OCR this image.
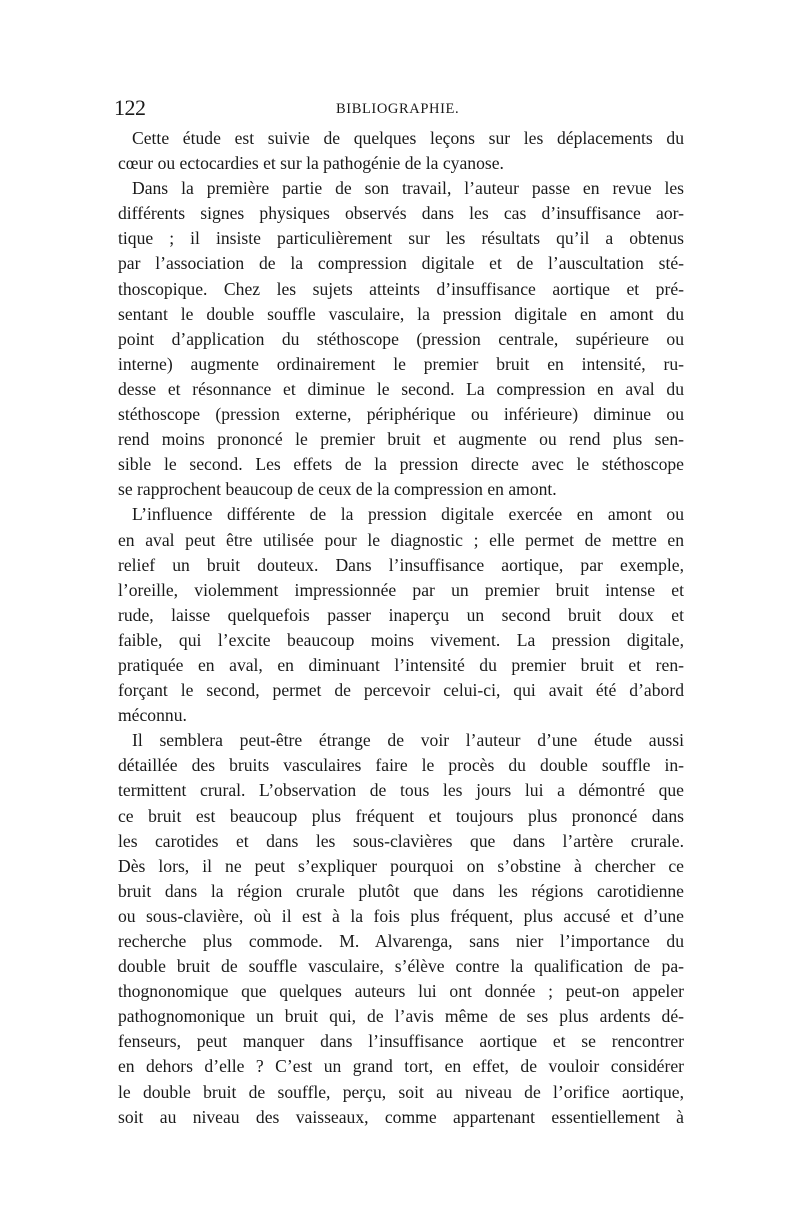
122	BIBLIOGRAPHIE.
Cette étude est suivie de quelques leçons sur les déplacements du
cœur ou ectocardies et sur la pathogénie de la cyanose.
Dans la première partie de son travail, l’auteur passe en revue les
différents signes physiques observés dans les cas d’insuffisance aor-
tique ; il insiste particulièrement sur les résultats qu’il a obtenus
par l’association de la compression digitale et de l’auscultation sté-
thoscopique. Chez les sujets atteints d’insuffisance aortique et pré-
sentant le double souffle vasculaire, la pression digitale en amont du
point d’application du stéthoscope (pression centrale, supérieure ou
interne) augmente ordinairement le premier bruit en intensité, ru-
desse et résonnance et diminue le second. La compression en aval du
stéthoscope (pression externe, périphérique ou inférieure) diminue ou
rend moins prononcé le premier bruit et augmente ou rend plus sen-
sible le second. Les effets de la pression directe avec le stéthoscope
se rapprochent beaucoup de ceux de la compression en amont.
L’influence différente de la pression digitale exercée en amont ou
en aval peut être utilisée pour le diagnostic ; elle permet de mettre en
relief un bruit douteux. Dans l’insuffisance aortique, par exemple,
l’oreille, violemment impressionnée par un premier bruit intense et
rude, laisse quelquefois passer inaperçu un second bruit doux et
faible, qui l’excite beaucoup moins vivement. La pression digitale,
pratiquée en aval, en diminuant l’intensité du premier bruit et ren-
forçant le second, permet de percevoir celui-ci, qui avait été d’abord
méconnu.
Il semblera peut-être étrange de voir l’auteur d’une étude aussi
détaillée des bruits vasculaires faire le procès du double souffle in-
termittent crural. L’observation de tous les jours lui a démontré que
ce bruit est beaucoup plus fréquent et toujours plus prononcé dans
les carotides et dans les sous-clavières que dans l’artère crurale.
Dès lors, il ne peut s’expliquer pourquoi on s’obstine à chercher ce
bruit dans la région crurale plutôt que dans les régions carotidienne
ou sous-clavière, où il est à la fois plus fréquent, plus accusé et d’une
recherche plus commode. M. Alvarenga, sans nier l’importance du
double bruit de souffle vasculaire, s’élève contre la qualification de pa-
thognonomique que quelques auteurs lui ont donnée ; peut-on appeler
pathognomonique un bruit qui, de l’avis même de ses plus ardents dé-
fenseurs, peut manquer dans l’insuffisance aortique et se rencontrer
en dehors d’elle ? C’est un grand tort, en effet, de vouloir considérer
le double bruit de souffle, perçu, soit au niveau de l’orifice aortique,
soit au niveau des vaisseaux, comme appartenant essentiellement à
